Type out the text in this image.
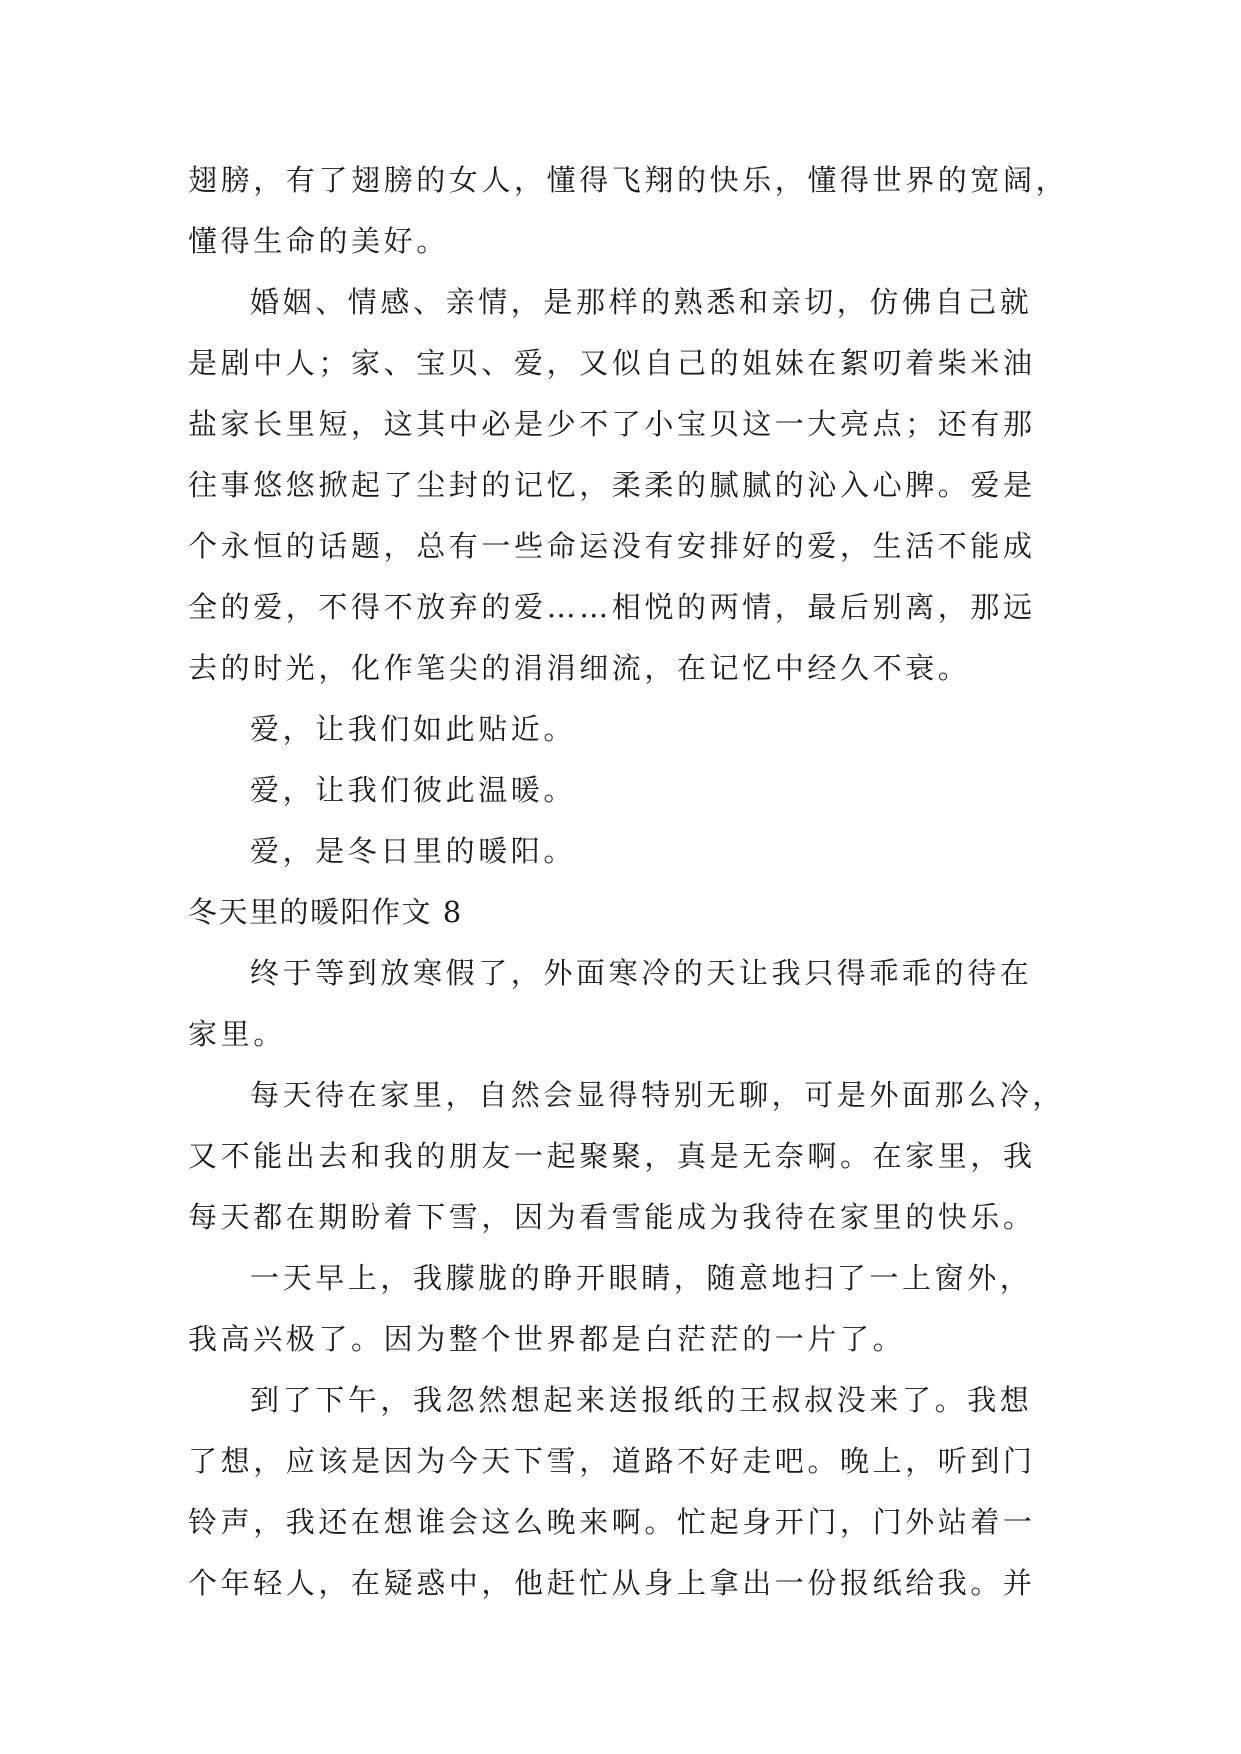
翅膀，有了翅膀的女人，懂得飞翔的快乐，懂得世界的宽阔，
懂得生命的美好。
婚姻、情感、亲情，是那样的熟悉和亲切，仿佛自己就
是剧中人；家、宝贝、爱，又似自己的姐妹在絮叨着柴米油
盐家长里短，这其中必是少不了小宝贝这一大亮点；还有那
往事悠悠掀起了尘封的记忆，柔柔的腻腻的沁入心脾。爱是
个永恒的话题，总有一些命运没有安排好的爱，生活不能成
全的爱，不得不放弃的爱……相悦的两情，最后别离，那远
去的时光，化作笔尖的涓涓细流，在记忆中经久不衰。
爱，让我们如此贴近。
爱，让我们彼此温暖。
爱，是冬日里的暖阳。
冬天里的暖阳作文 8
终于等到放寒假了，外面寒冷的天让我只得乖乖的待在
家里。
每天待在家里，自然会显得特别无聊，可是外面那么冷，
又不能出去和我的朋友一起聚聚，真是无奈啊。在家里，我
每天都在期盼着下雪，因为看雪能成为我待在家里的快乐。
一天早上，我朦胧的睁开眼睛，随意地扫了一上窗外，
我高兴极了。因为整个世界都是白茫茫的一片了。
到了下午，我忽然想起来送报纸的王叔叔没来了。我想
了想，应该是因为今天下雪，道路不好走吧。晚上，听到门
铃声，我还在想谁会这么晚来啊。忙起身开门，门外站着一
个年轻人，在疑惑中，他赶忙从身上拿出一份报纸给我。并
